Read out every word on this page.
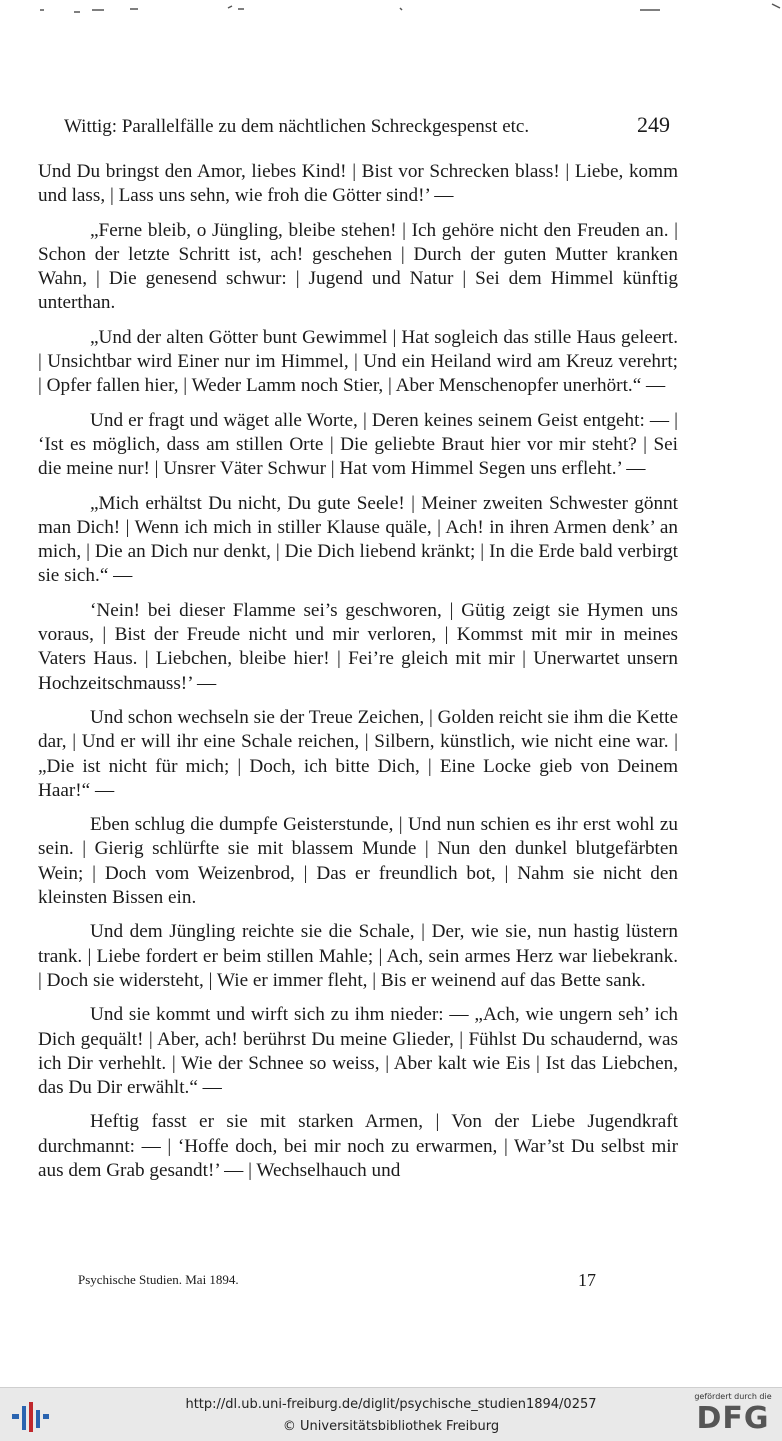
Wittig: Parallelfälle zu dem nächtlichen Schreckgespenst etc.	249

Und Du bringst den Amor, liebes Kind! | Bist vor Schrecken blass! | Liebe, komm und lass, | Lass uns sehn, wie froh die Götter sind!’ —

„Ferne bleib, o Jüngling, bleibe stehen! | Ich gehöre nicht den Freuden an. | Schon der letzte Schritt ist, ach! geschehen | Durch der guten Mutter kranken Wahn, | Die genesend schwur: | Jugend und Natur | Sei dem Himmel künftig unterthan.

„Und der alten Götter bunt Gewimmel | Hat sogleich das stille Haus geleert. | Unsichtbar wird Einer nur im Himmel, | Und ein Heiland wird am Kreuz verehrt; | Opfer fallen hier, | Weder Lamm noch Stier, | Aber Menschenopfer unerhört.“ —

Und er fragt und wäget alle Worte, | Deren keines seinem Geist entgeht: — | ‘Ist es möglich, dass am stillen Orte | Die geliebte Braut hier vor mir steht? | Sei die meine nur! | Unsrer Väter Schwur | Hat vom Himmel Segen uns erfleht.’ —

„Mich erhältst Du nicht, Du gute Seele! | Meiner zweiten Schwester gönnt man Dich! | Wenn ich mich in stiller Klause quäle, | Ach! in ihren Armen denk’ an mich, | Die an Dich nur denkt, | Die Dich liebend kränkt; | In die Erde bald verbirgt sie sich.“ —

‘Nein! bei dieser Flamme sei’s geschworen, | Gütig zeigt sie Hymen uns voraus, | Bist der Freude nicht und mir verloren, | Kommst mit mir in meines Vaters Haus. | Liebchen, bleibe hier! | Fei’re gleich mit mir | Unerwartet unsern Hochzeitschmauss!’ —

Und schon wechseln sie der Treue Zeichen, | Golden reicht sie ihm die Kette dar, | Und er will ihr eine Schale reichen, | Silbern, künstlich, wie nicht eine war. | „Die ist nicht für mich; | Doch, ich bitte Dich, | Eine Locke gieb von Deinem Haar!“ —

Eben schlug die dumpfe Geisterstunde, | Und nun schien es ihr erst wohl zu sein. | Gierig schlürfte sie mit blassem Munde | Nun den dunkel blutgefärbten Wein; | Doch vom Weizenbrod, | Das er freundlich bot, | Nahm sie nicht den kleinsten Bissen ein.

Und dem Jüngling reichte sie die Schale, | Der, wie sie, nun hastig lüstern trank. | Liebe fordert er beim stillen Mahle; | Ach, sein armes Herz war liebekrank. | Doch sie widersteht, | Wie er immer fleht, | Bis er weinend auf das Bette sank.

Und sie kommt und wirft sich zu ihm nieder: — „Ach, wie ungern seh’ ich Dich gequält! | Aber, ach! berührst Du meine Glieder, | Fühlst Du schaudernd, was ich Dir verhehlt. | Wie der Schnee so weiss, | Aber kalt wie Eis | Ist das Liebchen, das Du Dir erwählt.“ —

Heftig fasst er sie mit starken Armen, | Von der Liebe Jugendkraft durchmannt: — | ‘Hoffe doch, bei mir noch zu erwarmen, | War’st Du selbst mir aus dem Grab gesandt!’ — | Wechselhauch und

Psychische Studien. Mai 1894.	17
http://dl.ub.uni-freiburg.de/diglit/psychische_studien1894/0257
© Universitätsbibliothek Freiburg
gefördert durch die
DFG
